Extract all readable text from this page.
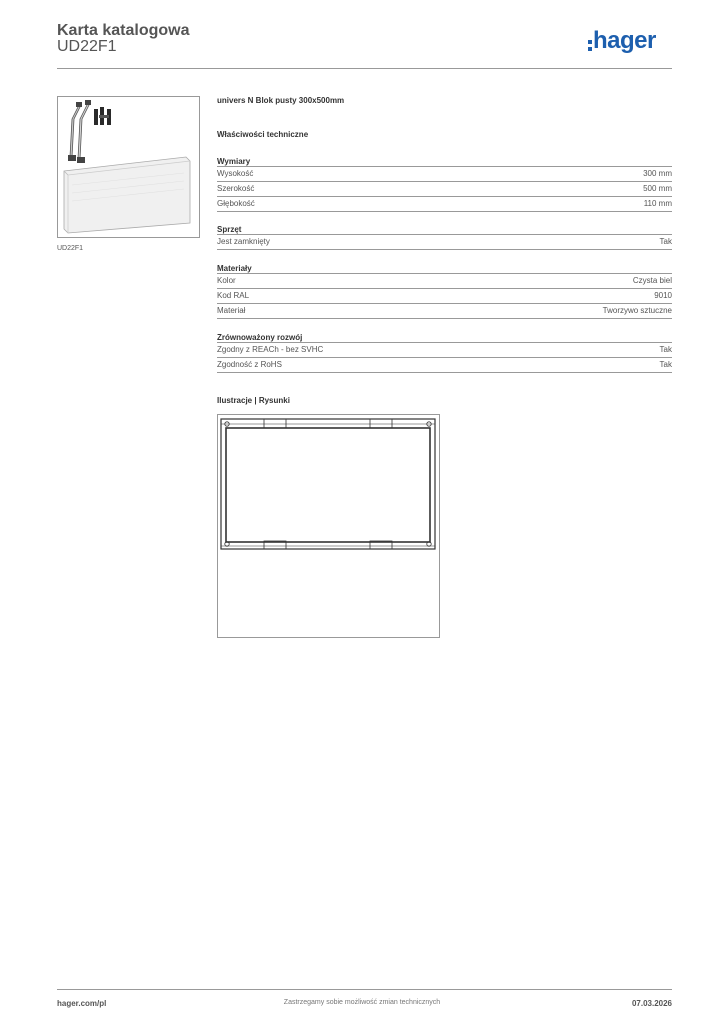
Karta katalogowa
UD22F1	hager
UD22F1
univers N Blok pusty 300x500mm
Właściwości techniczne
Wymiary
Wysokość	300 mm
Szerokość	500 mm
Głębokość	110 mm
Sprzęt
Jest zamknięty	Tak
Materiały
Kolor	Czysta biel
Kod RAL	9010
Materiał	Tworzywo sztuczne
Zrównoważony rozwój
Zgodny z REACh - bez SVHC	Tak
Zgodność z RoHS	Tak
Ilustracje | Rysunki
hager.com/pl	Zastrzegamy sobie możliwość zmian technicznych	07.03.2026
